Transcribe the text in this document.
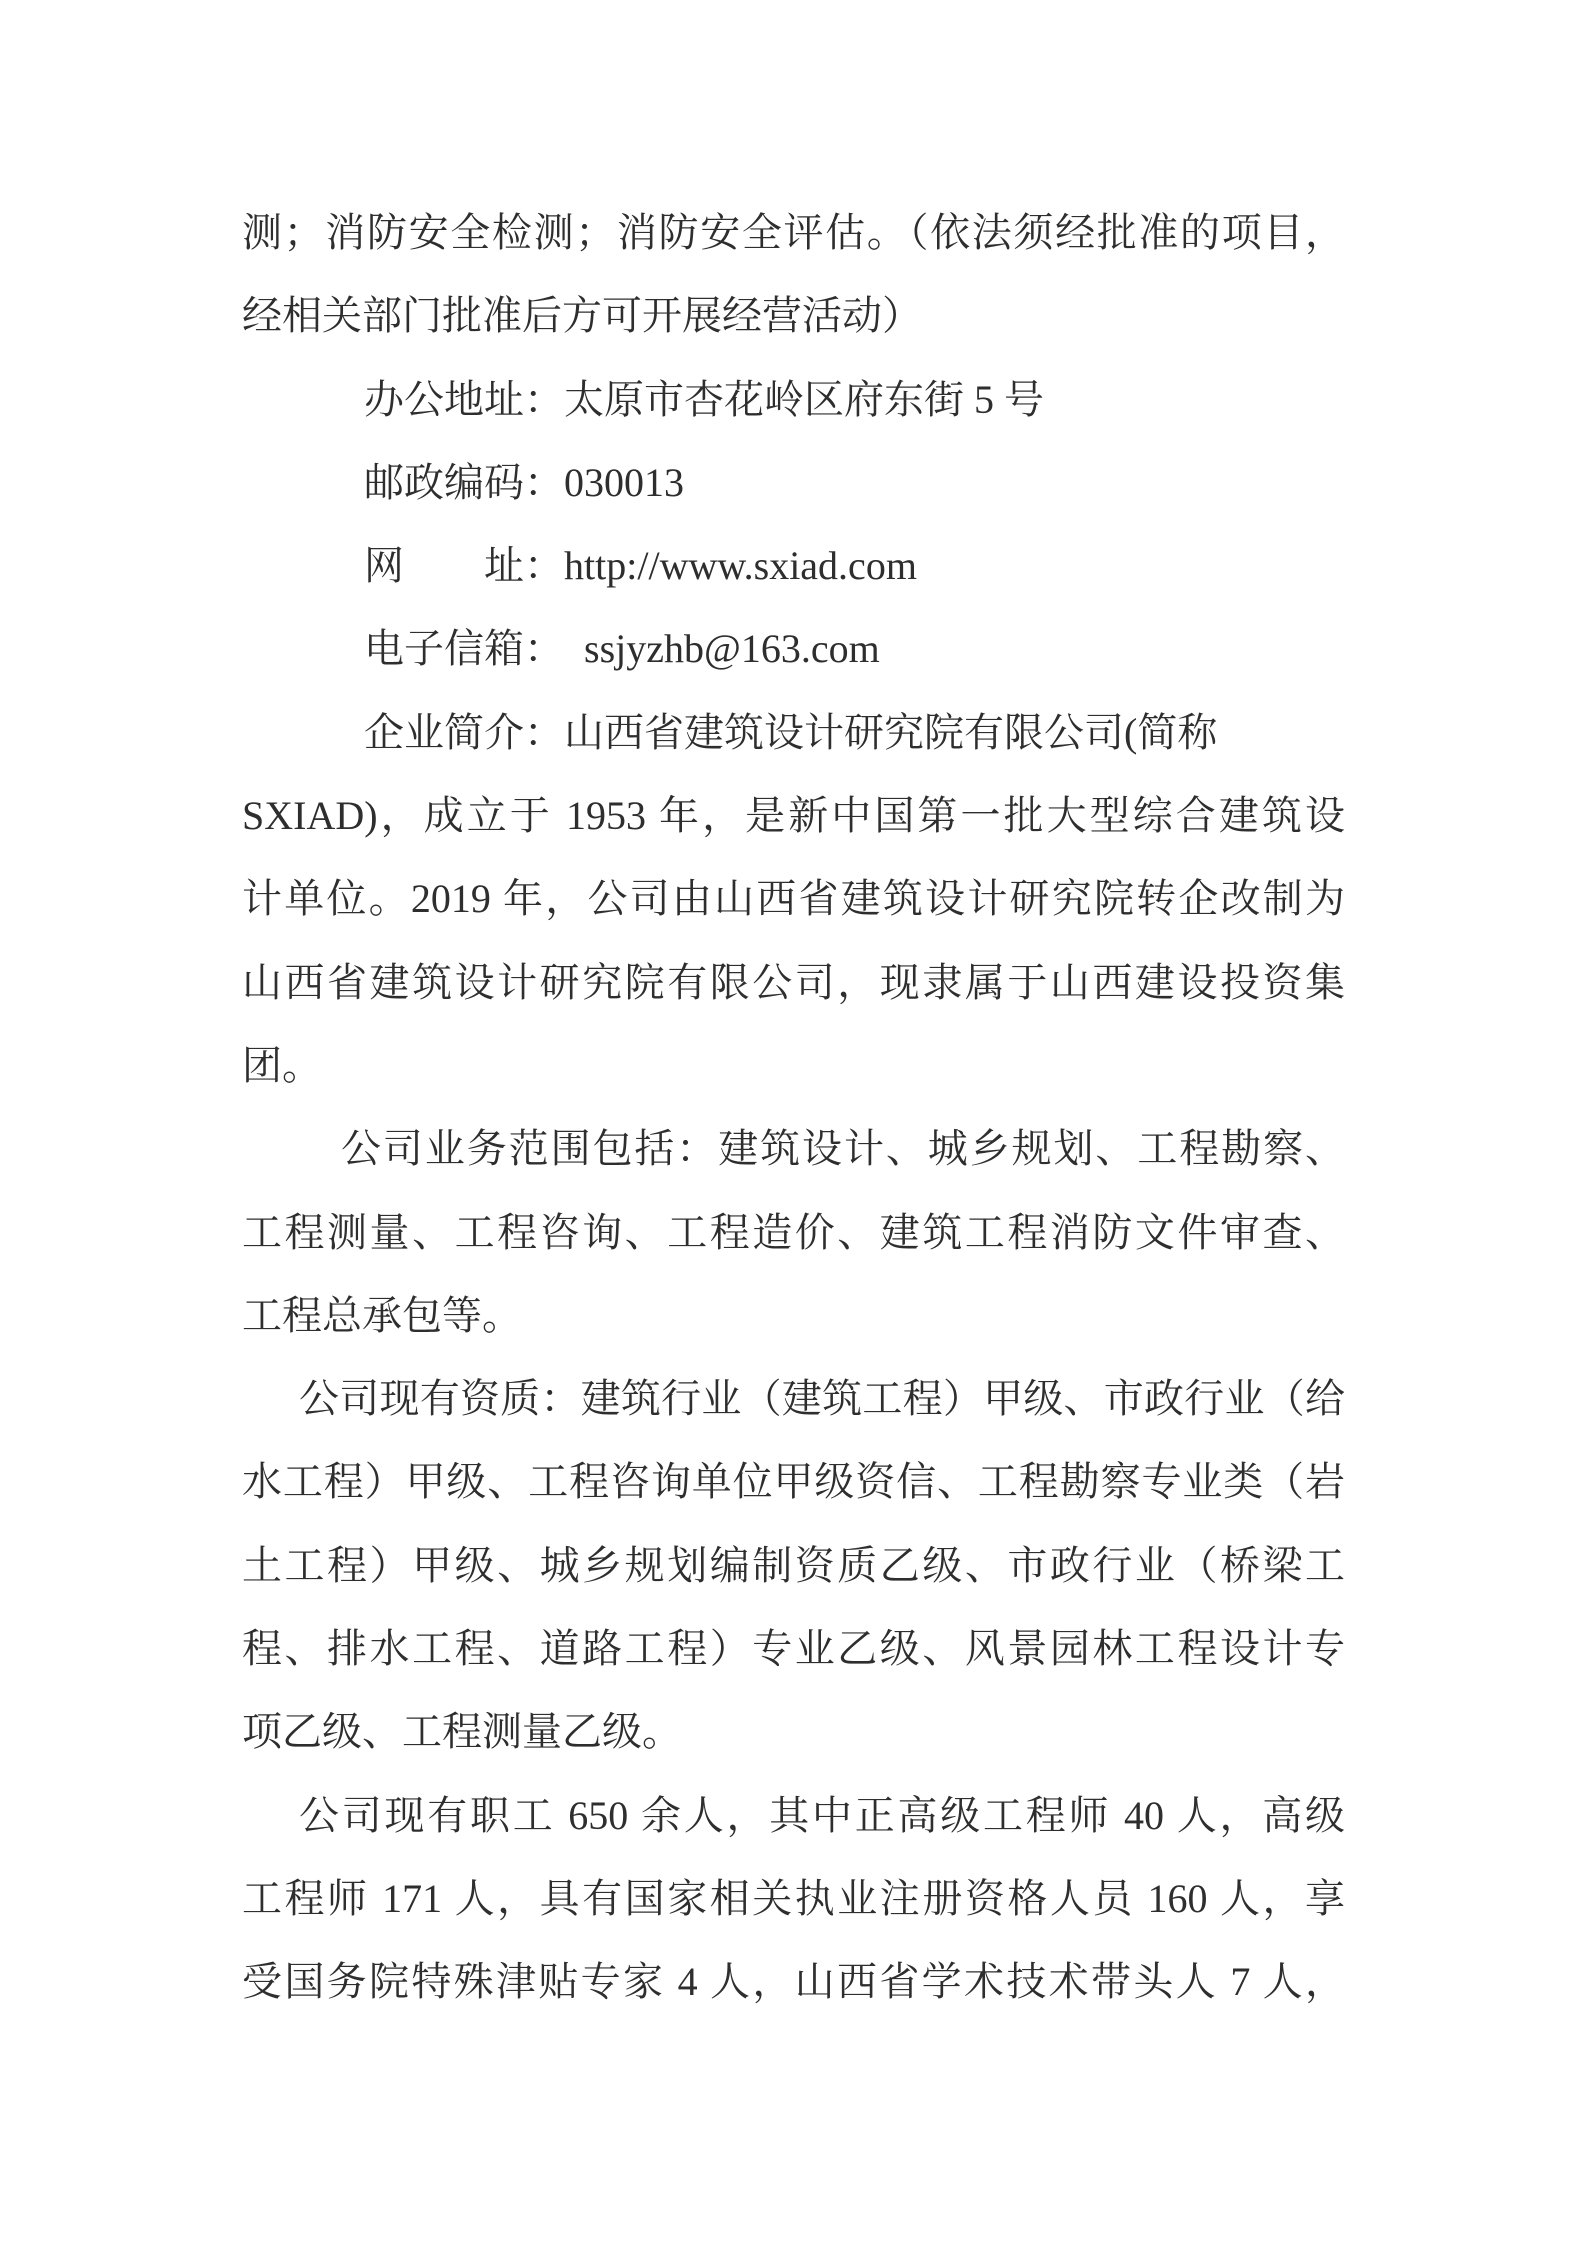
测；消防安全检测；消防安全评估。（依法须经批准的项目，
经相关部门批准后方可开展经营活动）
办公地址：太原市杏花岭区府东街 5 号
邮政编码：030013
网　　址：http://www.sxiad.com
电子信箱：　ssjyzhb@163.com
企业简介：山西省建筑设计研究院有限公司(简称
SXIAD)，成立于 1953 年，是新中国第一批大型综合建筑设
计单位。2019 年，公司由山西省建筑设计研究院转企改制为
山西省建筑设计研究院有限公司，现隶属于山西建设投资集
团。
公司业务范围包括：建筑设计、城乡规划、工程勘察、
工程测量、工程咨询、工程造价、建筑工程消防文件审查、
工程总承包等。
公司现有资质：建筑行业（建筑工程）甲级、市政行业（给
水工程）甲级、工程咨询单位甲级资信、工程勘察专业类（岩
土工程）甲级、城乡规划编制资质乙级、市政行业（桥梁工
程、排水工程、道路工程）专业乙级、风景园林工程设计专
项乙级、工程测量乙级。
公司现有职工 650 余人，其中正高级工程师 40 人，高级
工程师 171 人，具有国家相关执业注册资格人员 160 人，享
受国务院特殊津贴专家 4 人，山西省学术技术带头人 7 人，
